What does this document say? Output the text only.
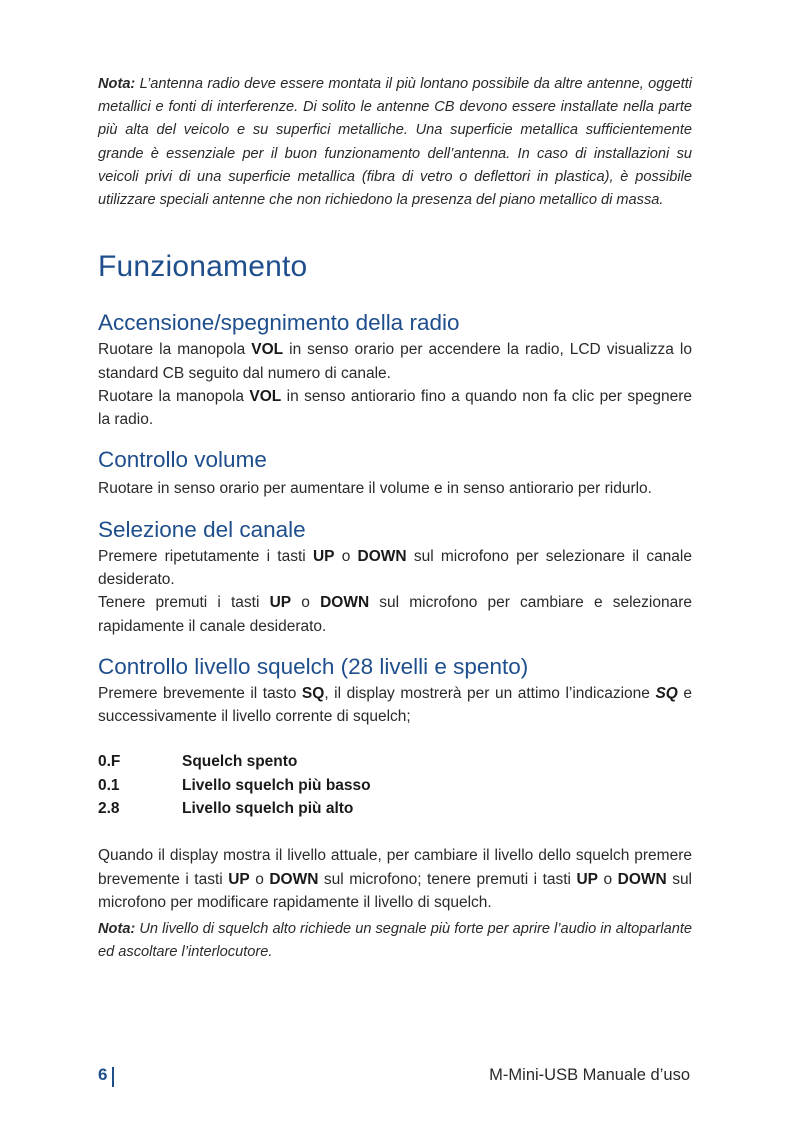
Nota: L’antenna radio deve essere montata il più lontano possibile da altre antenne, oggetti metallici e fonti di interferenze. Di solito le antenne CB devono essere installate nella parte più alta del veicolo e su superfici metalliche. Una superficie metallica sufficientemente grande è essenziale per il buon funzionamento dell’antenna. In caso di installazioni su veicoli privi di una superficie metallica (fibra di vetro o deflettori in plastica), è possibile utilizzare speciali antenne che non richiedono la presenza del piano metallico di massa.

Funzionamento
Accensione/spegnimento della radio

Ruotare la manopola VOL in senso orario per accendere la radio, LCD visualizza lo standard CB seguito dal numero di canale.

Ruotare la manopola VOL in senso antiorario fino a quando non fa clic per spegnere la radio.

Controllo volume

Ruotare in senso orario per aumentare il volume e in senso antiorario per ridurlo.

Selezione del canale

Premere ripetutamente i tasti UP o DOWN sul microfono per selezionare il canale desiderato.

Tenere premuti i tasti UP o DOWN sul microfono per cambiare e selezionare rapidamente il canale desiderato.

Controllo livello squelch (28 livelli e spento)

Premere brevemente il tasto SQ, il display mostrerà per un attimo l’indicazione SQ e successivamente il livello corrente di squelch;

0.F	Squelch spento
0.1	Livello squelch più basso
2.8	Livello squelch più alto

Quando il display mostra il livello attuale, per cambiare il livello dello squelch premere brevemente i tasti UP o DOWN sul microfono; tenere premuti i tasti UP o DOWN sul microfono per modificare rapidamente il livello di squelch.

Nota: Un livello di squelch alto richiede un segnale più forte per aprire l’audio in altoparlante ed ascoltare l’interlocutore.

6	M-Mini-USB Manuale d’uso
